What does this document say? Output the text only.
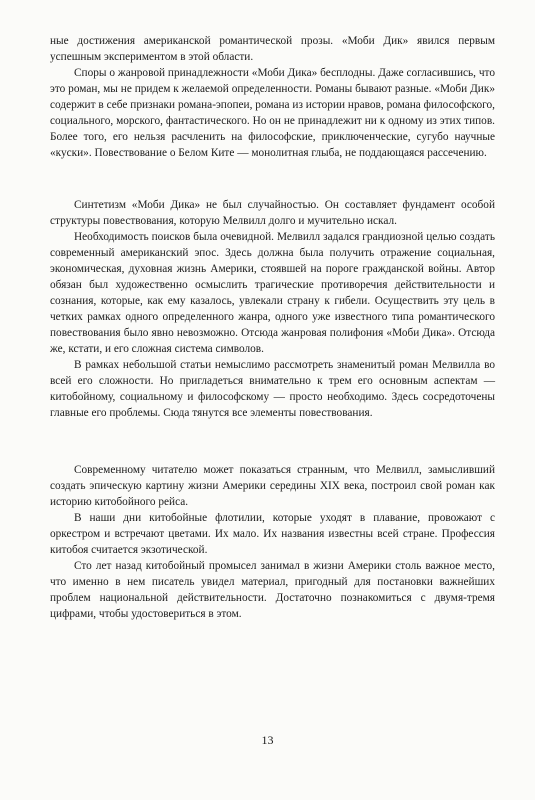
ные достижения американской романтической прозы. «Моби Дик» явился первым успешным экспериментом в этой области.

Споры о жанровой принадлежности «Моби Дика» бесплодны. Даже согласившись, что это роман, мы не придем к желаемой определенности. Романы бывают разные. «Моби Дик» содержит в себе признаки романа-эпопеи, романа из истории нравов, романа философского, социального, морского, фантастического. Но он не принадлежит ни к одному из этих типов. Более того, его нельзя расчленить на философские, приключенческие, сугубо научные «куски». Повествование о Белом Ките — монолитная глыба, не поддающаяся рассечению.

Синтетизм «Моби Дика» не был случайностью. Он составляет фундамент особой структуры повествования, которую Мелвилл долго и мучительно искал.

Необходимость поисков была очевидной. Мелвилл задался грандиозной целью создать современный американский эпос. Здесь должна была получить отражение социальная, экономическая, духовная жизнь Америки, стоявшей на пороге гражданской войны. Автор обязан был художественно осмыслить трагические противоречия действительности и сознания, которые, как ему казалось, увлекали страну к гибели. Осуществить эту цель в четких рамках одного определенного жанра, одного уже известного типа романтического повествования было явно невозможно. Отсюда жанровая полифония «Моби Дика». Отсюда же, кстати, и его сложная система символов.

В рамках небольшой статьи немыслимо рассмотреть знаменитый роман Мелвилла во всей его сложности. Но пригладеться внимательно к трем его основным аспектам — китобойному, социальному и философскому — просто необходимо. Здесь сосредоточены главные его проблемы. Сюда тянутся все элементы повествования.

Современному читателю может показаться странным, что Мелвилл, замысливший создать эпическую картину жизни Америки середины XIX века, построил свой роман как историю китобойного рейса.

В наши дни китобойные флотилии, которые уходят в плавание, провожают с оркестром и встречают цветами. Их мало. Их названия известны всей стране. Профессия китобоя считается экзотической.

Сто лет назад китобойный промысел занимал в жизни Америки столь важное место, что именно в нем писатель увидел материал, пригодный для постановки важнейших проблем национальной действительности. Достаточно познакомиться с двумя-тремя цифрами, чтобы удостовериться в этом.

13
